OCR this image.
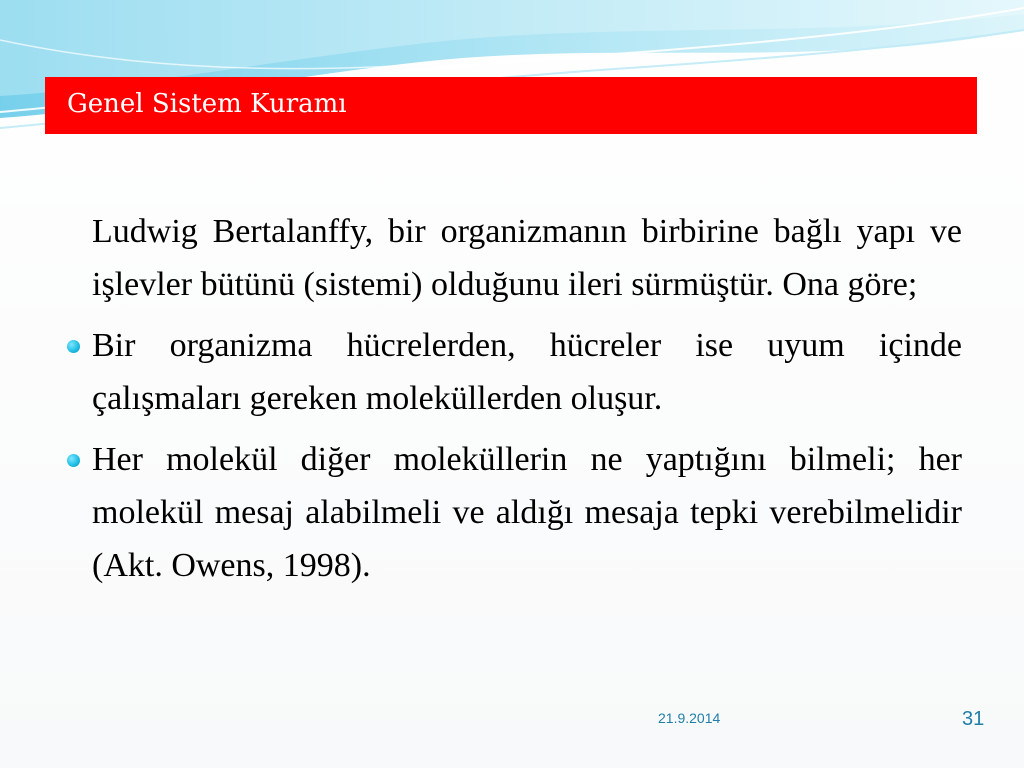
Genel Sistem Kuramı

Ludwig Bertalanffy, bir organizmanın birbirine bağlı yapı ve işlevler bütünü (sistemi) olduğunu ileri sürmüştür. Ona göre;

Bir organizma hücrelerden, hücreler ise uyum içinde çalışmaları gereken moleküllerden oluşur.
Her molekül diğer moleküllerin ne yaptığını bilmeli; her molekül mesaj alabilmeli ve aldığı mesaja tepki verebilmelidir (Akt. Owens, 1998).
21.9.2014	31
